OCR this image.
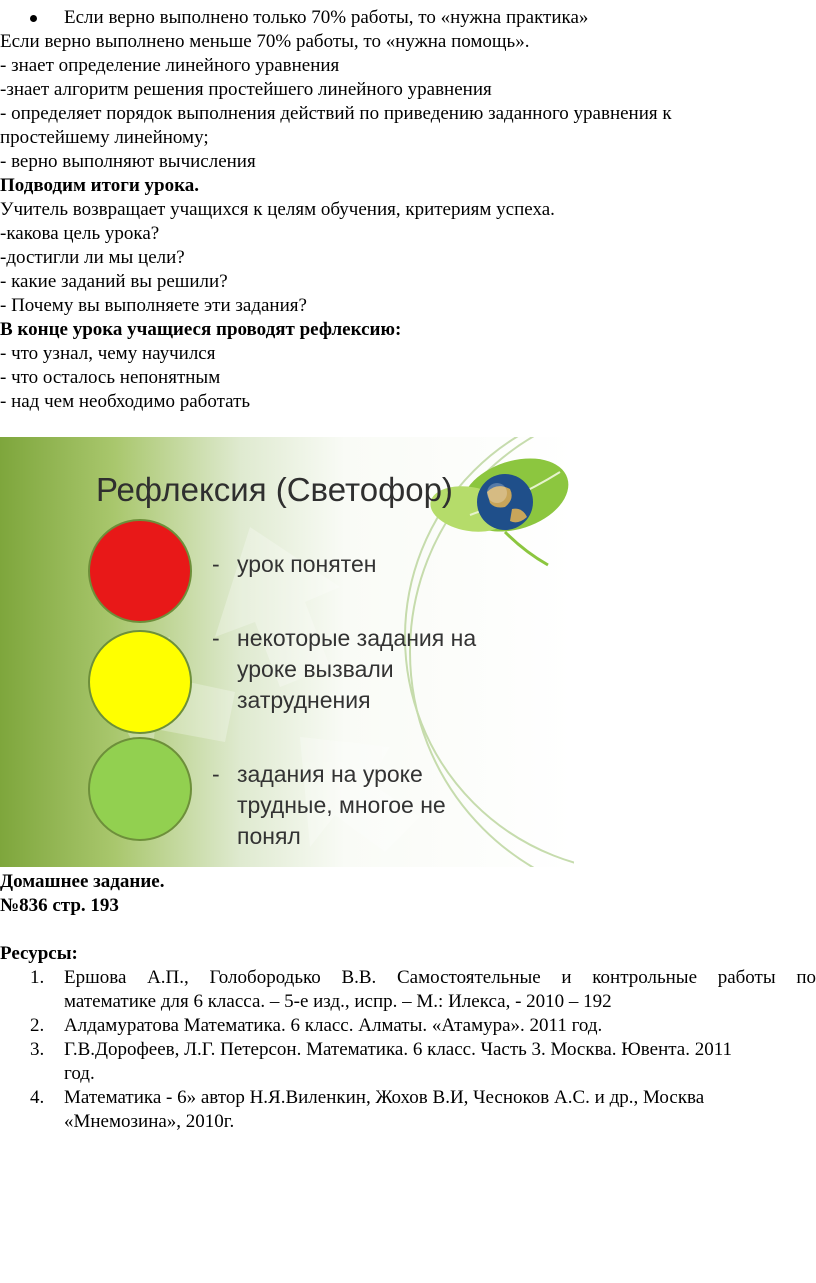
Если верно выполнено только 70% работы, то «нужна практика»
Если верно выполнено меньше 70% работы, то «нужна помощь».
- знает определение линейного уравнения
-знает алгоритм решения простейшего линейного уравнения
- определяет порядок выполнения действий по приведению заданного уравнения к
простейшему линейному;
- верно выполняют вычисления
Подводим итоги урока.
Учитель возвращает учащихся к целям обучения, критериям успеха.
-какова цель урока?
-достигли ли мы цели?
- какие заданий вы решили?
- Почему вы выполняете эти задания?
В конце урока учащиеся проводят рефлексию:
- что узнал, чему научился
- что осталось непонятным
- над чем необходимо работать
Рефлексия (Светофор)
- урок понятен
- некоторые задания на
уроке вызвали
затруднения
- задания на уроке
трудные, многое не
понял
Домашнее задание.
№836 стр. 193
Ресурсы:
1. Ершова А.П., Голобородько В.В. Самостоятельные и контрольные работы по
математике для 6 класса. – 5-е изд., испр. – М.: Илекса, - 2010 – 192
2. Алдамуратова Математика. 6 класс. Алматы. «Атамура». 2011 год.
3. Г.В.Дорофеев, Л.Г. Петерсон. Математика. 6 класс. Часть 3. Москва. Ювента. 2011
год.
4. Математика - 6» автор Н.Я.Виленкин, Жохов В.И, Чесноков А.С. и др., Москва
«Мнемозина», 2010г.
